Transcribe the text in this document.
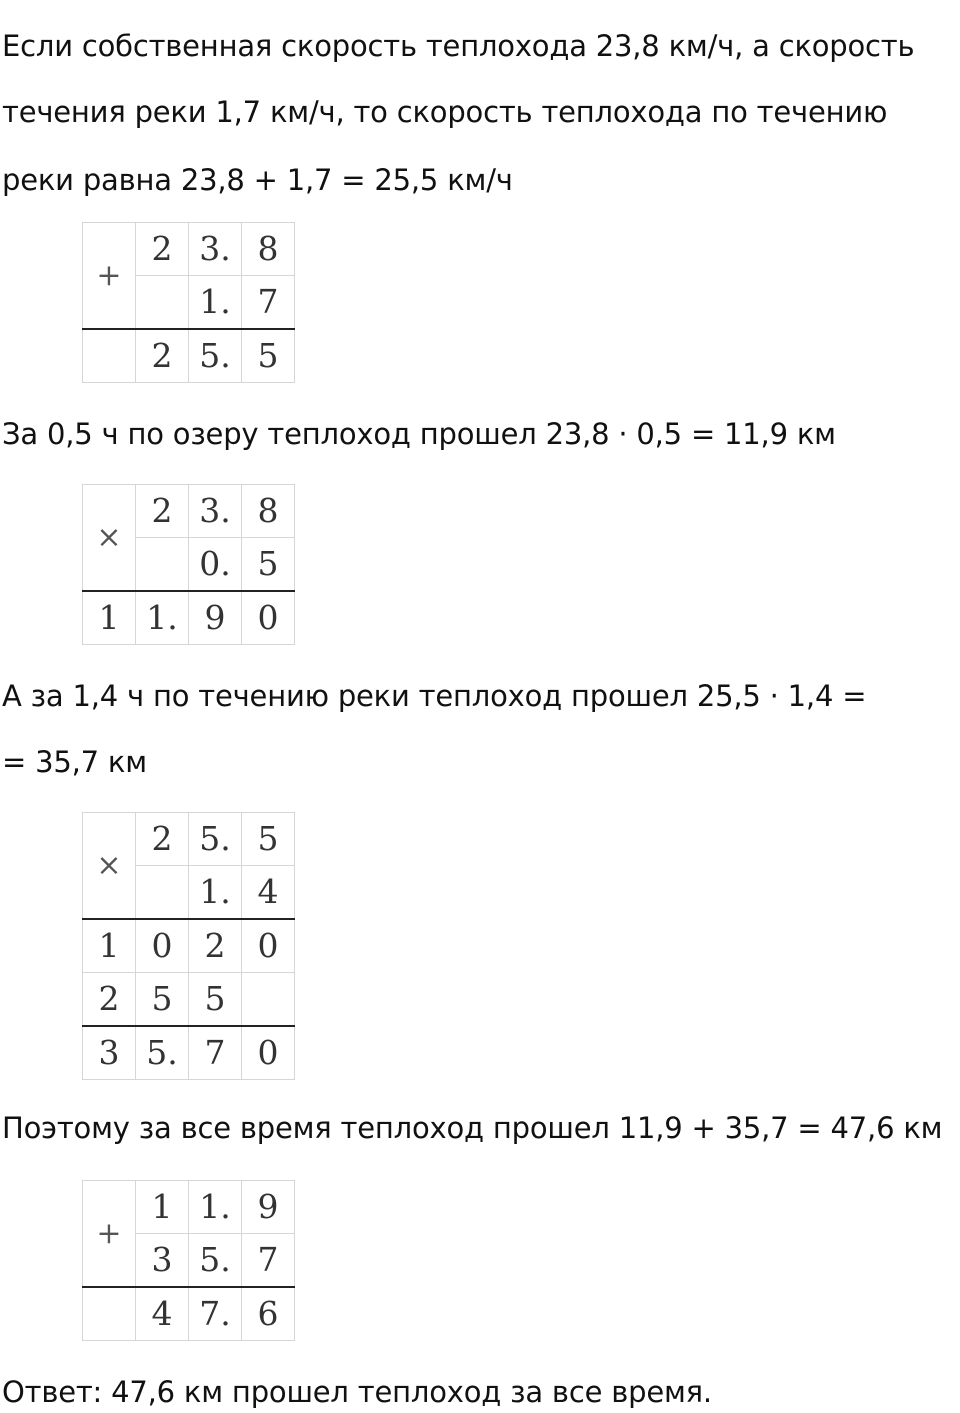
Если собственная скорость теплохода 23,8 км/ч, а скорость
течения реки 1,7 км/ч, то скорость теплохода по течению
реки равна 23,8 + 1,7 = 25,5 км/ч
+	2	3.	8
		1.	7
	2	5.	5
За 0,5 ч по озеру теплоход прошел 23,8 · 0,5 = 11,9 км
×	2	3.	8
		0.	5
1	1.	9	0
А за 1,4 ч по течению реки теплоход прошел 25,5 · 1,4 =
= 35,7 км
×	2	5.	5
		1.	4
1	0	2	0
2	5	5	
3	5.	7	0
Поэтому за все время теплоход прошел 11,9 + 35,7 = 47,6 км
+	1	1.	9
	3	5.	7
	4	7.	6
Ответ: 47,6 км прошел теплоход за все время.
